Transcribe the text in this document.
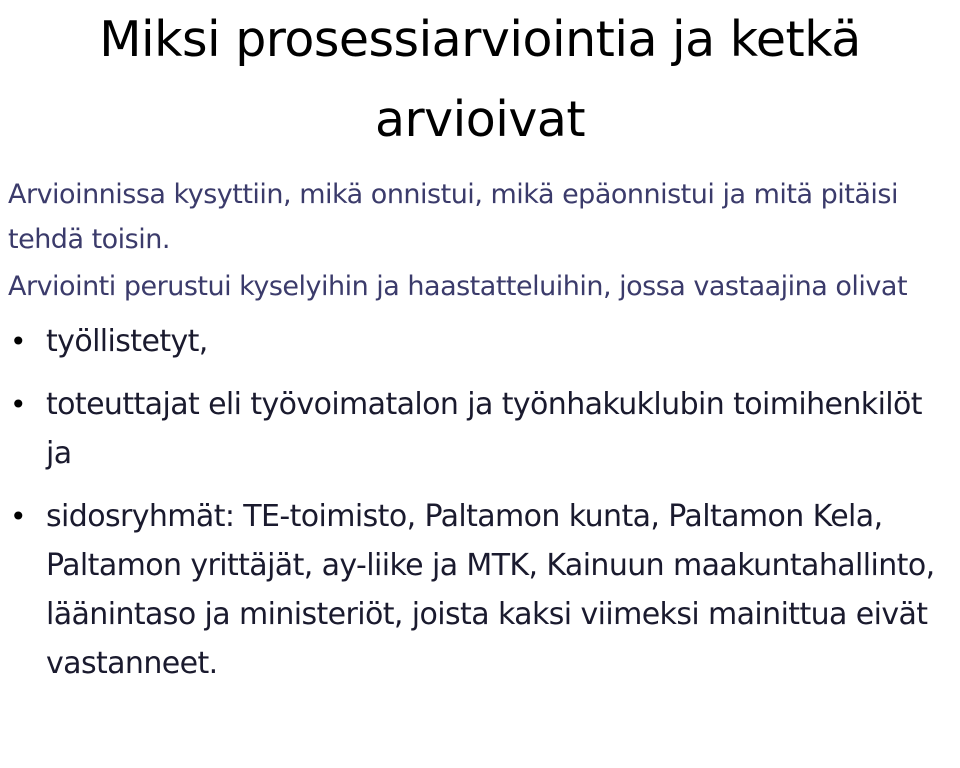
Miksi prosessiarviointia ja ketkä arvioivat
Arvioinnissa kysyttiin, mikä onnistui, mikä epäonnistui ja mitä pitäisi tehdä toisin.
Arviointi perustui kyselyihin ja haastatteluihin, jossa vastaajina olivat
• työllistetyt,
• toteuttajat eli työvoimatalon ja työnhakuklubin toimihenkilöt ja
• sidosryhmät: TE-toimisto, Paltamon kunta, Paltamon Kela, Paltamon yrittäjät, ay-liike ja MTK, Kainuun maakuntahallinto, läänintaso ja ministeriöt, joista kaksi viimeksi mainittua eivät vastanneet.
